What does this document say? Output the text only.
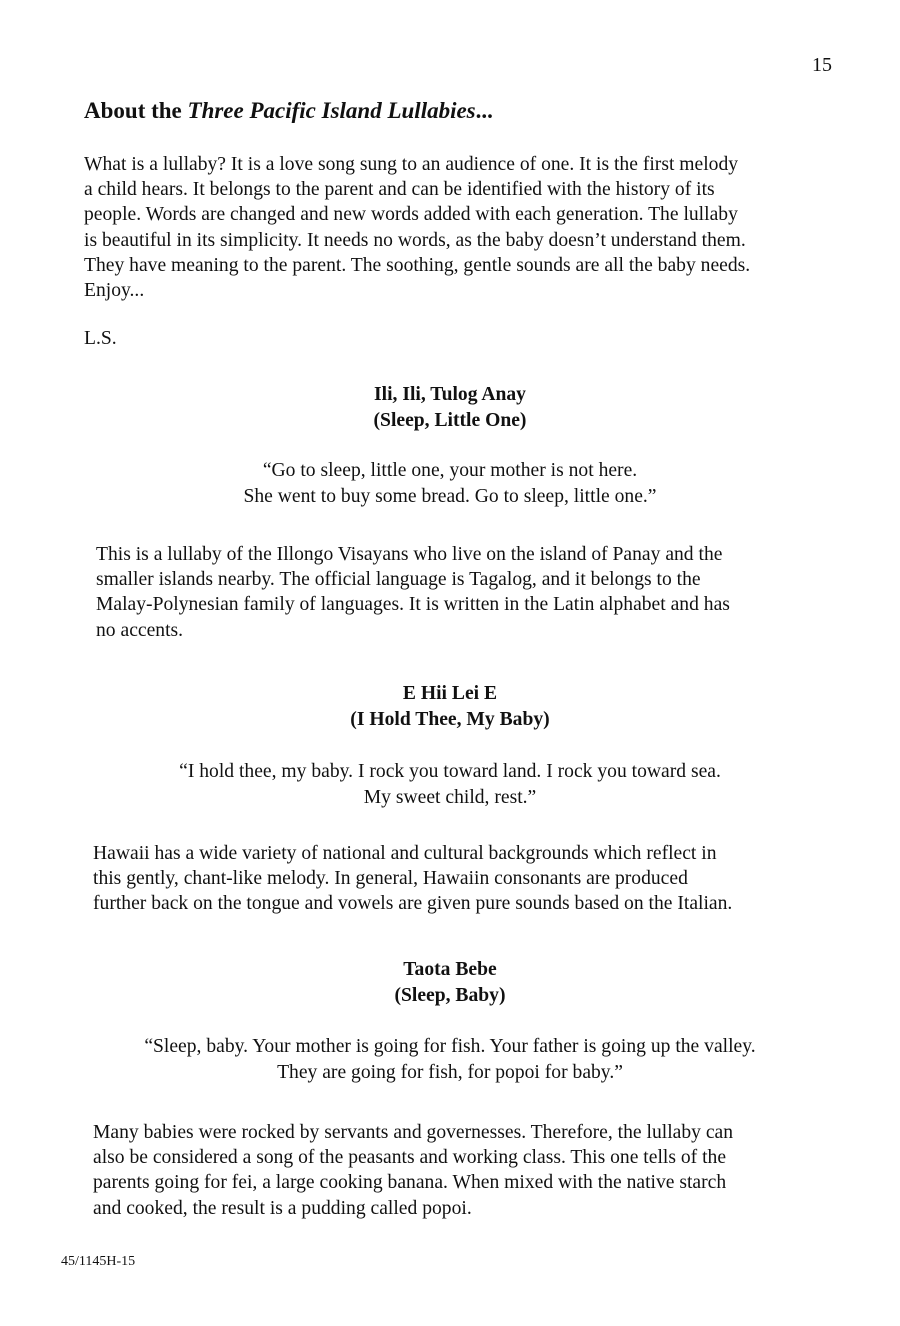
15
About the Three Pacific Island Lullabies...
What is a lullaby? It is a love song sung to an audience of one. It is the first melody
a child hears. It belongs to the parent and can be identified with the history of its
people. Words are changed and new words added with each generation. The lullaby
is beautiful in its simplicity. It needs no words, as the baby doesn’t understand them.
They have meaning to the parent. The soothing, gentle sounds are all the baby needs.
Enjoy...
L.S.
Ili, Ili, Tulog Anay
(Sleep, Little One)
“Go to sleep, little one, your mother is not here.
She went to buy some bread. Go to sleep, little one.”
This is a lullaby of the Illongo Visayans who live on the island of Panay and the
smaller islands nearby. The official language is Tagalog, and it belongs to the
Malay-Polynesian family of languages. It is written in the Latin alphabet and has
no accents.
E Hii Lei E
(I Hold Thee, My Baby)
“I hold thee, my baby. I rock you toward land. I rock you toward sea.
My sweet child, rest.”
Hawaii has a wide variety of national and cultural backgrounds which reflect in
this gently, chant-like melody. In general, Hawaiin consonants are produced
further back on the tongue and vowels are given pure sounds based on the Italian.
Taota Bebe
(Sleep, Baby)
“Sleep, baby. Your mother is going for fish. Your father is going up the valley.
They are going for fish, for popoi for baby.”
Many babies were rocked by servants and governesses. Therefore, the lullaby can
also be considered a song of the peasants and working class. This one tells of the
parents going for fei, a large cooking banana. When mixed with the native starch
and cooked, the result is a pudding called popoi.
45/1145H-15
